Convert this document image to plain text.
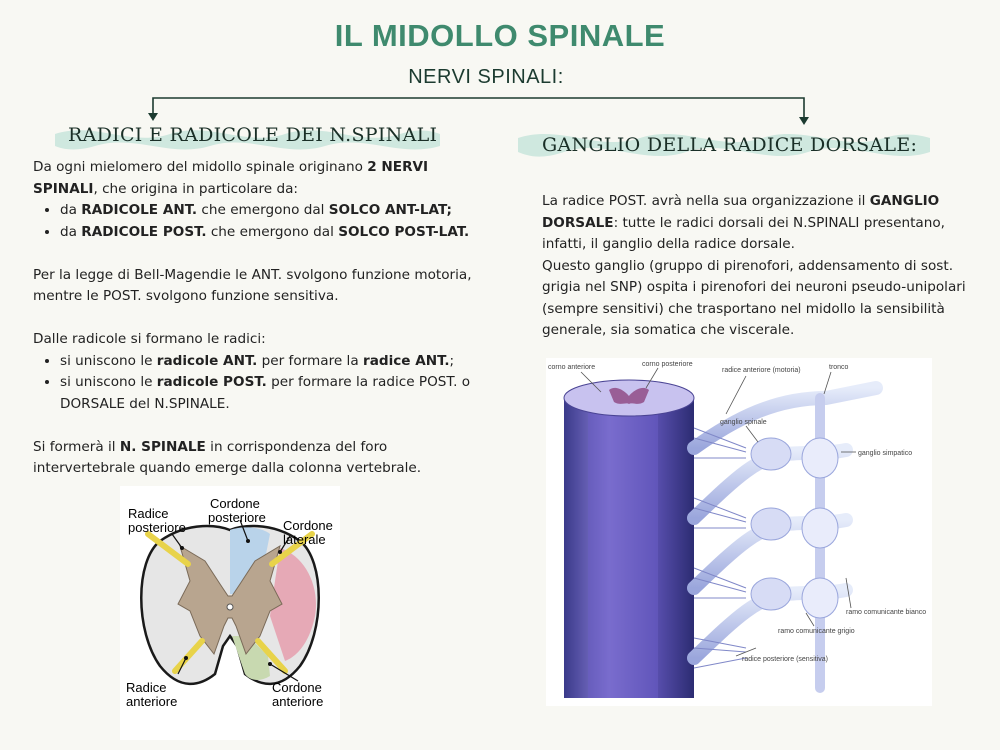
IL MIDOLLO SPINALE
NERVI SPINALI:
RADICI E RADICOLE DEI N.SPINALI	GANGLIO DELLA RADICE DORSALE:

Da ogni mielomero del midollo spinale originano 2 NERVI SPINALI, che origina in particolare da:

• da RADICOLE ANT. che emergono dal SOLCO ANT-LAT;
• da RADICOLE POST. che emergono dal SOLCO POST-LAT.

Per la legge di Bell-Magendie le ANT. svolgono funzione motoria, mentre le POST. svolgono funzione sensitiva.

Dalle radicole si formano le radici:

• si uniscono le radicole ANT. per formare la radice ANT.;
• si uniscono le radicole POST. per formare la radice POST. o DORSALE del N.SPINALE.

Si formerà il N. SPINALE in corrispondenza del foro intervertebrale quando emerge dalla colonna vertebrale.

La radice POST. avrà nella sua organizzazione il GANGLIO DORSALE: tutte le radici dorsali dei N.SPINALI presentano, infatti, il ganglio della radice dorsale.

Questo ganglio (gruppo di pirenofori, addensamento di sost. grigia nel SNP) ospita i pirenofori dei neuroni pseudo-unipolari (sempre sensitivi) che trasportano nel midollo la sensibilità generale, sia somatica che viscerale.

Radice posteriore
Cordone posteriore
Cordone laterale
Radice anteriore
Cordone anteriore
corno anteriore	corno posteriore
radice anteriore (motoria)	tronco
ganglio spinale
ganglio simpatico
ramo comunicante bianco
ramo comunicante grigio
radice posteriore (sensitiva)
